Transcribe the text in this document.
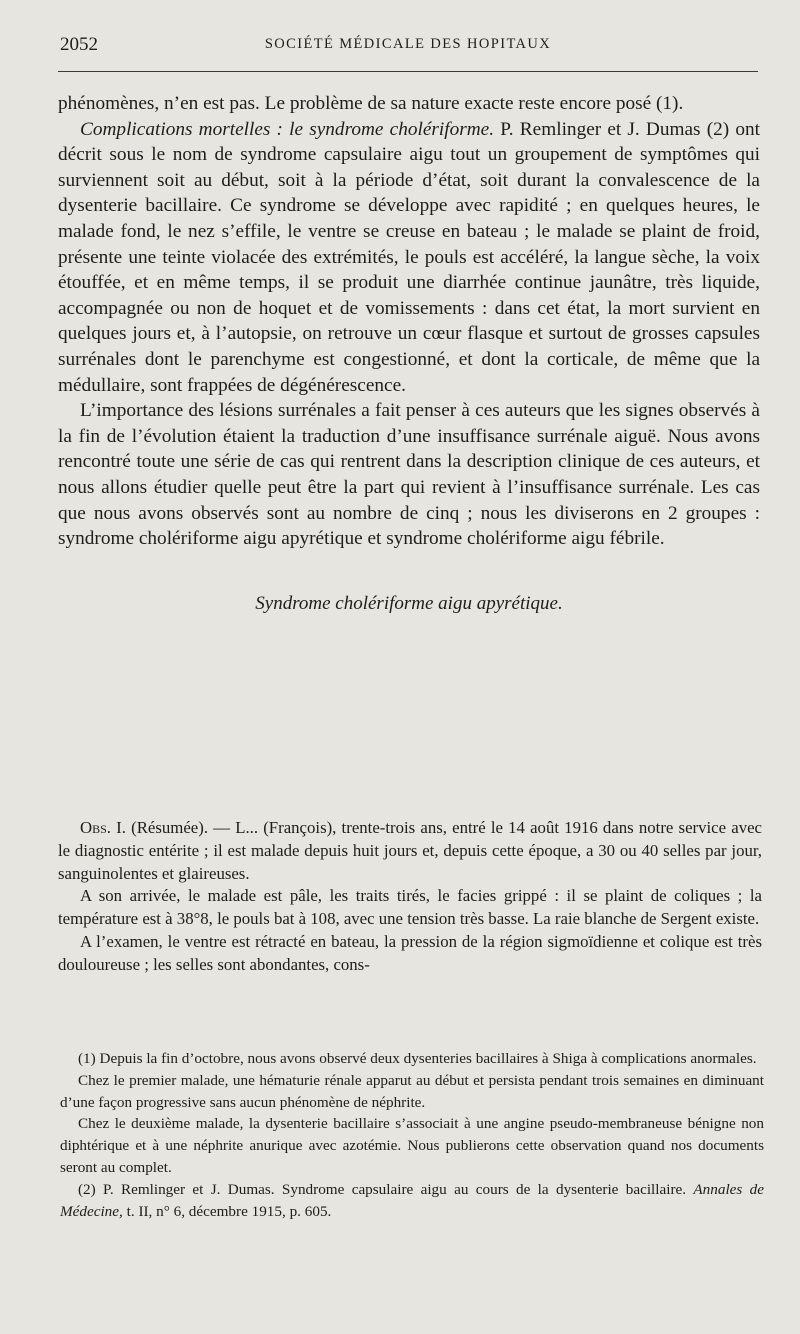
2052	SOCIÉTÉ MÉDICALE DES HOPITAUX

phénomènes, n’en est pas. Le problème de sa nature exacte reste encore posé (1).

Complications mortelles : le syndrome cholériforme. P. Remlinger et J. Dumas (2) ont décrit sous le nom de syndrome capsulaire aigu tout un groupement de symptômes qui surviennent soit au début, soit à la période d’état, soit durant la convalescence de la dysenterie bacillaire. Ce syndrome se développe avec rapidité ; en quelques heures, le malade fond, le nez s’effile, le ventre se creuse en bateau ; le malade se plaint de froid, présente une teinte violacée des extrémités, le pouls est accéléré, la langue sèche, la voix étouffée, et en même temps, il se produit une diarrhée continue jaunâtre, très liquide, accompagnée ou non de hoquet et de vomissements : dans cet état, la mort survient en quelques jours et, à l’autopsie, on retrouve un cœur flasque et surtout de grosses capsules surrénales dont le parenchyme est congestionné, et dont la corticale, de même que la médullaire, sont frappées de dégénérescence.

L’importance des lésions surrénales a fait penser à ces auteurs que les signes observés à la fin de l’évolution étaient la traduction d’une insuffisance surrénale aiguë. Nous avons rencontré toute une série de cas qui rentrent dans la description clinique de ces auteurs, et nous allons étudier quelle peut être la part qui revient à l’insuffisance surrénale. Les cas que nous avons observés sont au nombre de cinq ; nous les diviserons en 2 groupes : syndrome cholériforme aigu apyrétique et syndrome cholériforme aigu fébrile.

Syndrome cholériforme aigu apyrétique.

Obs. I. (Résumée). — L... (François), trente-trois ans, entré le 14 août 1916 dans notre service avec le diagnostic entérite ; il est malade depuis huit jours et, depuis cette époque, a 30 ou 40 selles par jour, sanguinolentes et glaireuses.

A son arrivée, le malade est pâle, les traits tirés, le facies grippé : il se plaint de coliques ; la température est à 38°8, le pouls bat à 108, avec une tension très basse. La raie blanche de Sergent existe.

A l’examen, le ventre est rétracté en bateau, la pression de la région sigmoïdienne et colique est très douloureuse ; les selles sont abondantes, cons-

(1) Depuis la fin d’octobre, nous avons observé deux dysenteries bacillaires à Shiga à complications anormales.

Chez le premier malade, une hématurie rénale apparut au début et persista pendant trois semaines en diminuant d’une façon progressive sans aucun phénomène de néphrite.

Chez le deuxième malade, la dysenterie bacillaire s’associait à une angine pseudo-membraneuse bénigne non diphtérique et à une néphrite anurique avec azotémie. Nous publierons cette observation quand nos documents seront au complet.

(2) P. Remlinger et J. Dumas. Syndrome capsulaire aigu au cours de la dysenterie bacillaire. Annales de Médecine, t. II, n° 6, décembre 1915, p. 605.
